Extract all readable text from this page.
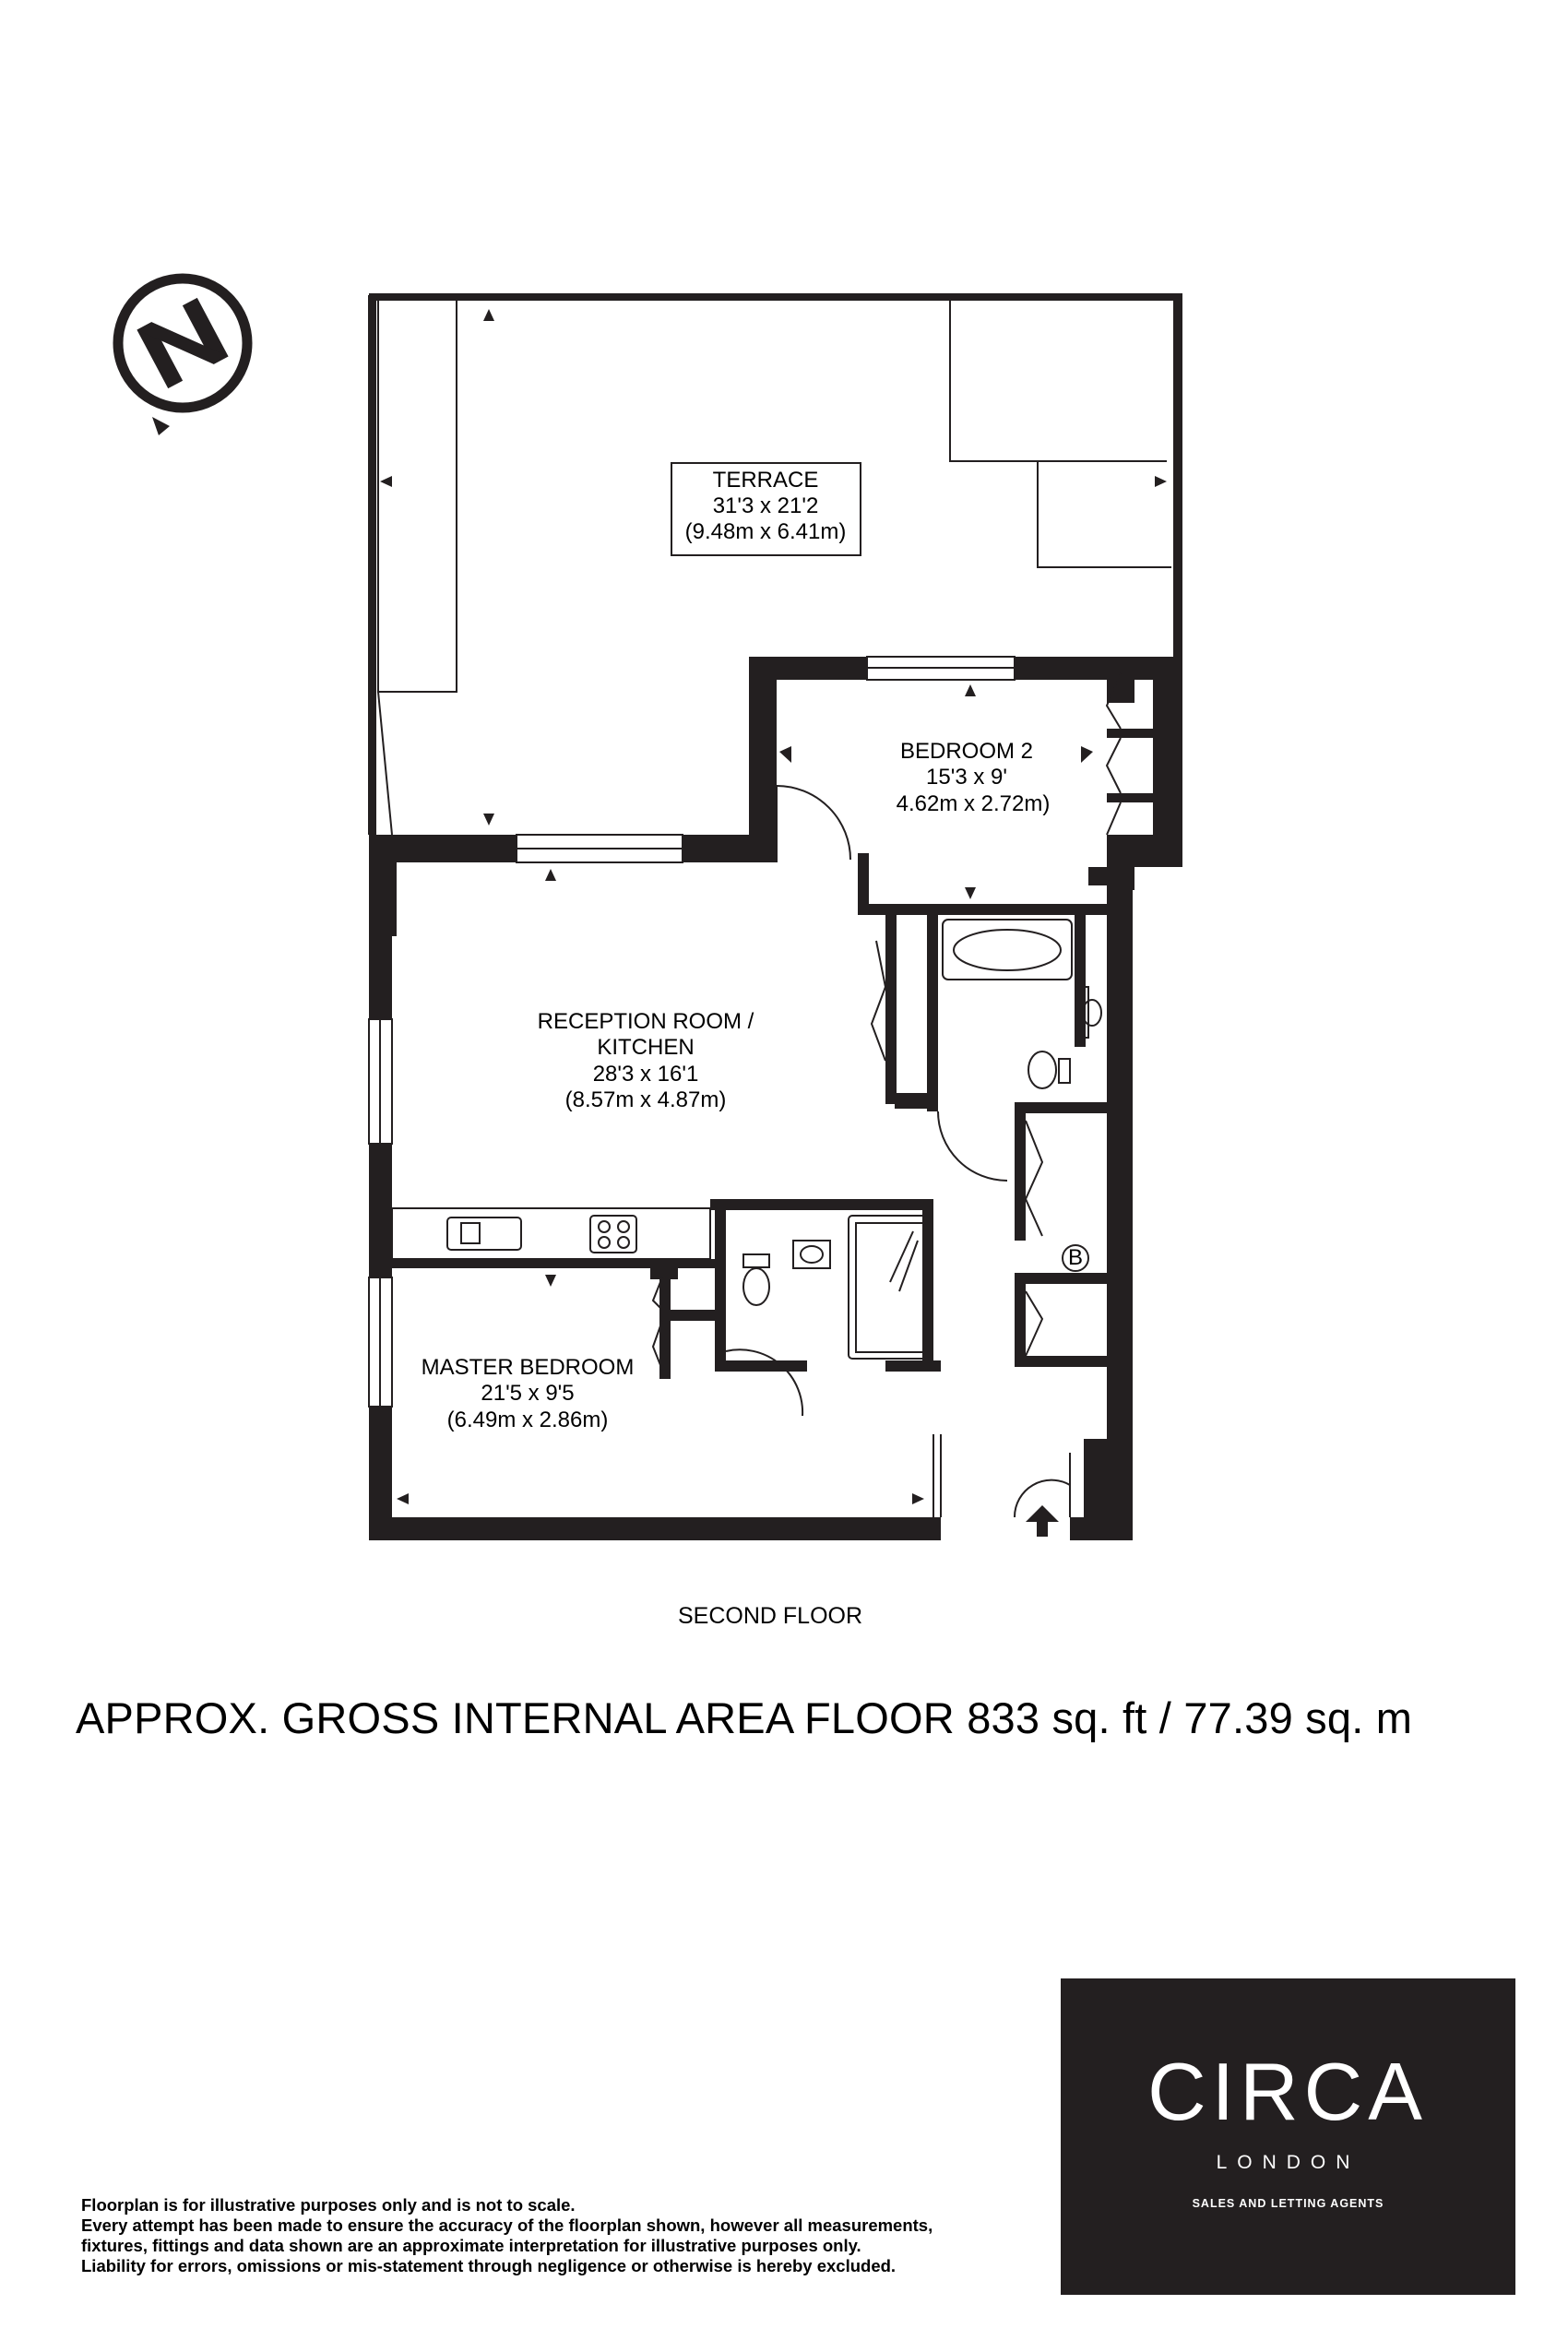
B
TERRACE
31'3 x 21'2
(9.48m x 6.41m)
BEDROOM 2
15'3 x 9'
4.62m x 2.72m)
RECEPTION ROOM /
KITCHEN
28'3 x 16'1
(8.57m x 4.87m)
MASTER BEDROOM
21'5 x 9'5
(6.49m x 2.86m)
SECOND FLOOR
APPROX. GROSS INTERNAL AREA FLOOR 833 sq. ft / 77.39 sq. m
Floorplan is for illustrative purposes only and is not to scale.
Every attempt has been made to ensure the accuracy of the floorplan shown, however all measurements,
fixtures, fittings and data shown are an approximate interpretation for illustrative purposes only.
Liability for errors, omissions or mis-statement through negligence or otherwise is hereby excluded.
CIRCA
LONDON
SALES AND LETTING AGENTS
